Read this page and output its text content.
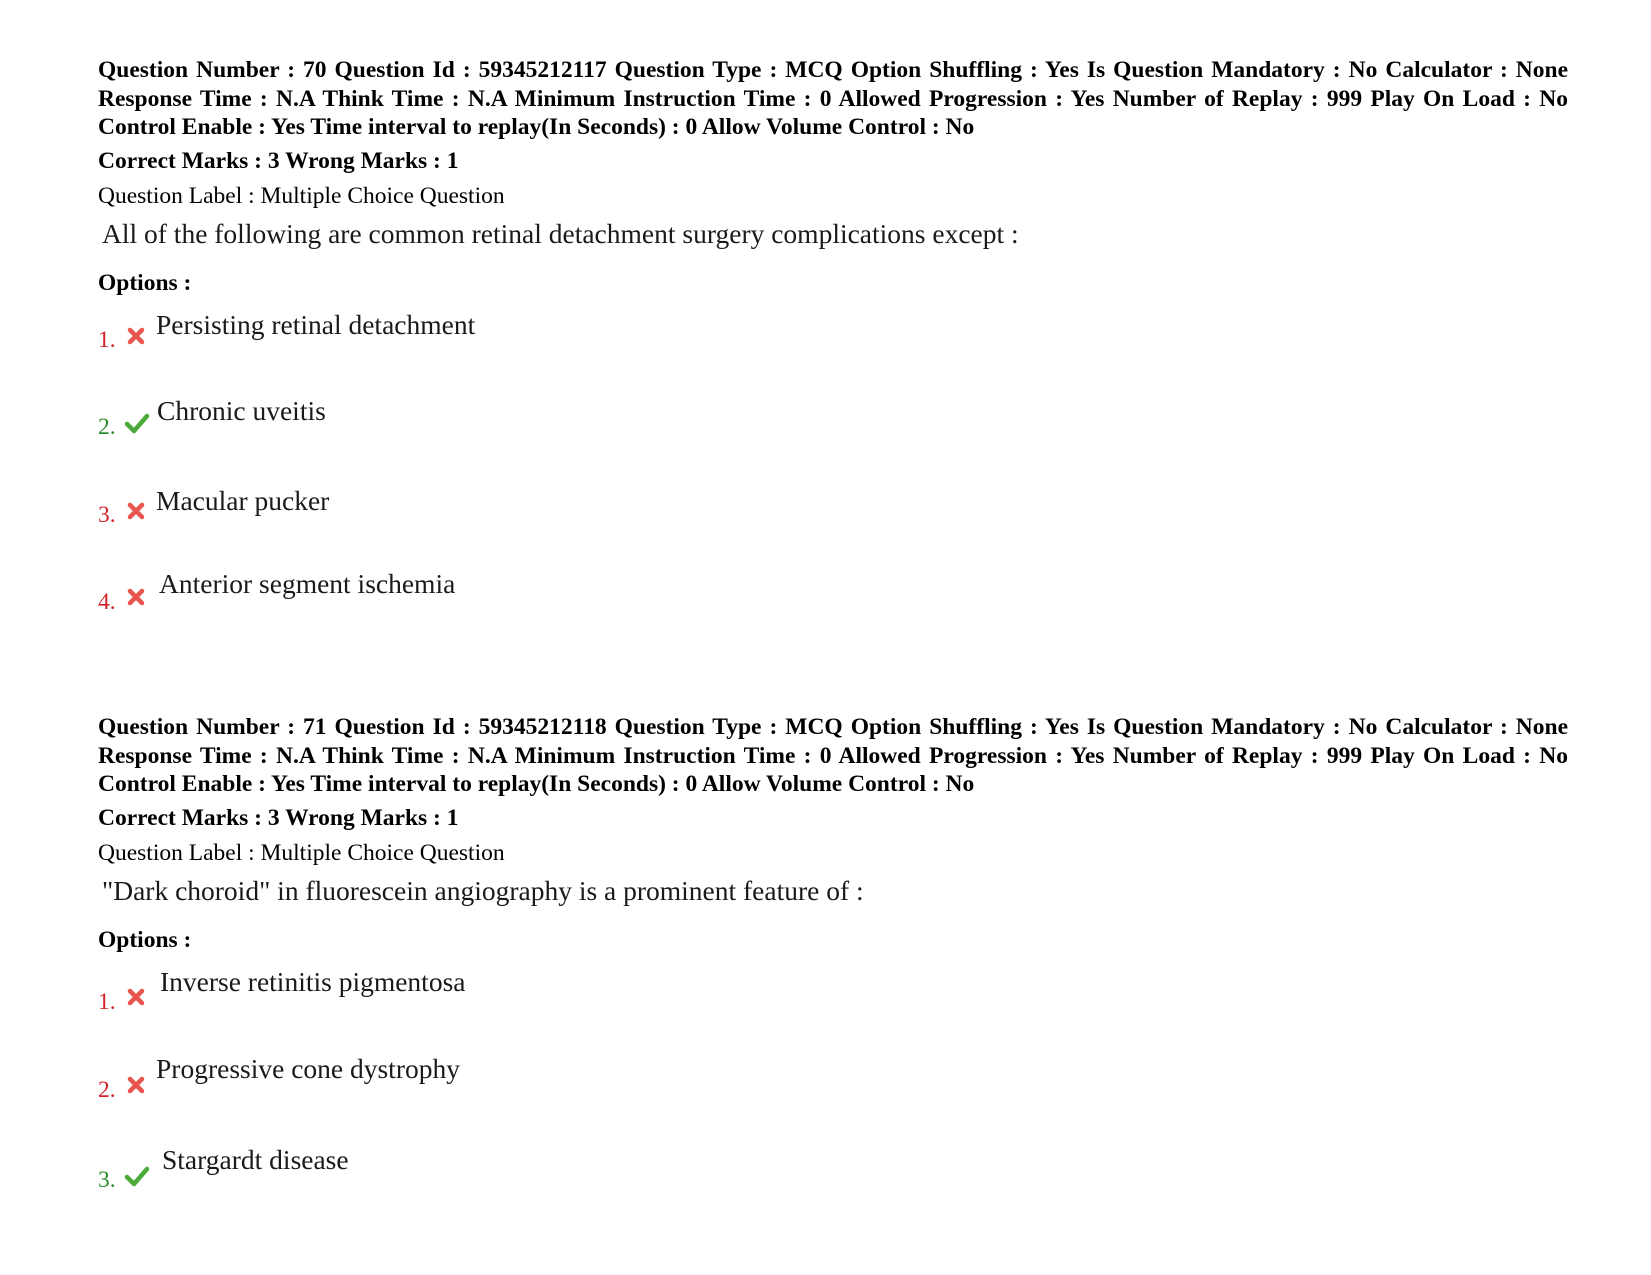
Question Number : 70 Question Id : 59345212117 Question Type : MCQ Option Shuffling : Yes Is Question Mandatory : No Calculator : None Response Time : N.A Think Time : N.A Minimum Instruction Time : 0 Allowed Progression : Yes Number of Replay : 999 Play On Load : No Control Enable : Yes Time interval to replay(In Seconds) : 0 Allow Volume Control : No

Correct Marks : 3 Wrong Marks : 1
Question Label : Multiple Choice Question
All of the following are common retinal detachment surgery complications except :
Options :
1. Persisting retinal detachment
2.
Chronic uveitis
3. Macular pucker
4.
Anterior segment ischemia

Question Number : 71 Question Id : 59345212118 Question Type : MCQ Option Shuffling : Yes Is Question Mandatory : No Calculator : None Response Time : N.A Think Time : N.A Minimum Instruction Time : 0 Allowed Progression : Yes Number of Replay : 999 Play On Load : No Control Enable : Yes Time interval to replay(In Seconds) : 0 Allow Volume Control : No

Correct Marks : 3 Wrong Marks : 1
Question Label : Multiple Choice Question
"Dark choroid" in fluorescein angiography is a prominent feature of :
Options :
1.
Inverse retinitis pigmentosa
2.
Progressive cone dystrophy
3.
Stargardt disease
